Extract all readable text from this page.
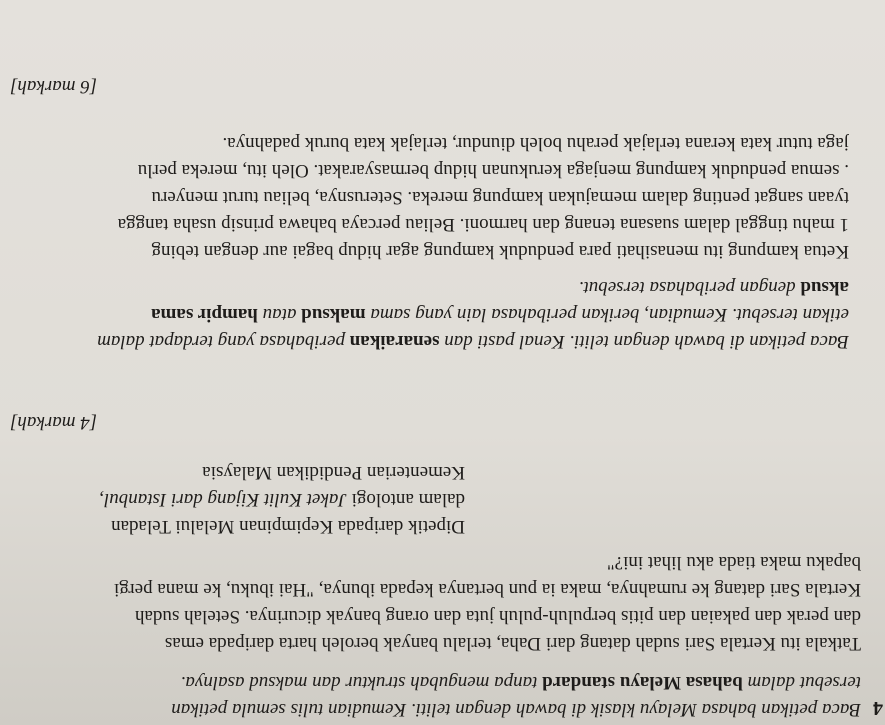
4
Baca petikan bahasa Melayu klasik di bawah dengan teliti. Kemudian tulis semula petikan
tersebut dalam bahasa Melayu standard tanpa mengubah struktur dan maksud asalnya.
Tatkala itu Kertala Sari sudah datang dari Daha, terlalu banyak beroleh harta daripada emas
dan perak dan pakaian dan pitis berpuluh-puluh juta dan orang banyak dicurinya. Setelah sudah
Kertala Sari datang ke rumahnya, maka ia pun bertanya kepada ibunya, "Hai ibuku, ke mana pergi
bapaku maka tiada aku lihat ini?"
Dipetik daripada Kepimpinan Melalui Teladan
dalam antologi Jaket Kulit Kijang dari Istanbul,
Kementerian Pendidikan Malaysia
[4 markah]
Baca petikan di bawah dengan teliti. Kenal pasti dan senaraikan peribahasa yang terdapat dalam
etikan tersebut. Kemudian, berikan peribahasa lain yang sama maksud atau hampir sama
aksud dengan peribahasa tersebut.
Ketua kampung itu menasihati para penduduk kampung agar hidup bagai aur dengan tebing
1 mahu tinggal dalam suasana tenang dan harmoni. Beliau percaya bahawa prinsip usaha tangga
tyaan sangat penting dalam memajukan kampung mereka. Seterusnya, beliau turut menyeru
. semua penduduk kampung menjaga kerukunan hidup bermasyarakat. Oleh itu, mereka perlu
jaga tutur kata kerana terlajak perahu boleh diundur, terlajak kata buruk padahnya.
[6 markah]
